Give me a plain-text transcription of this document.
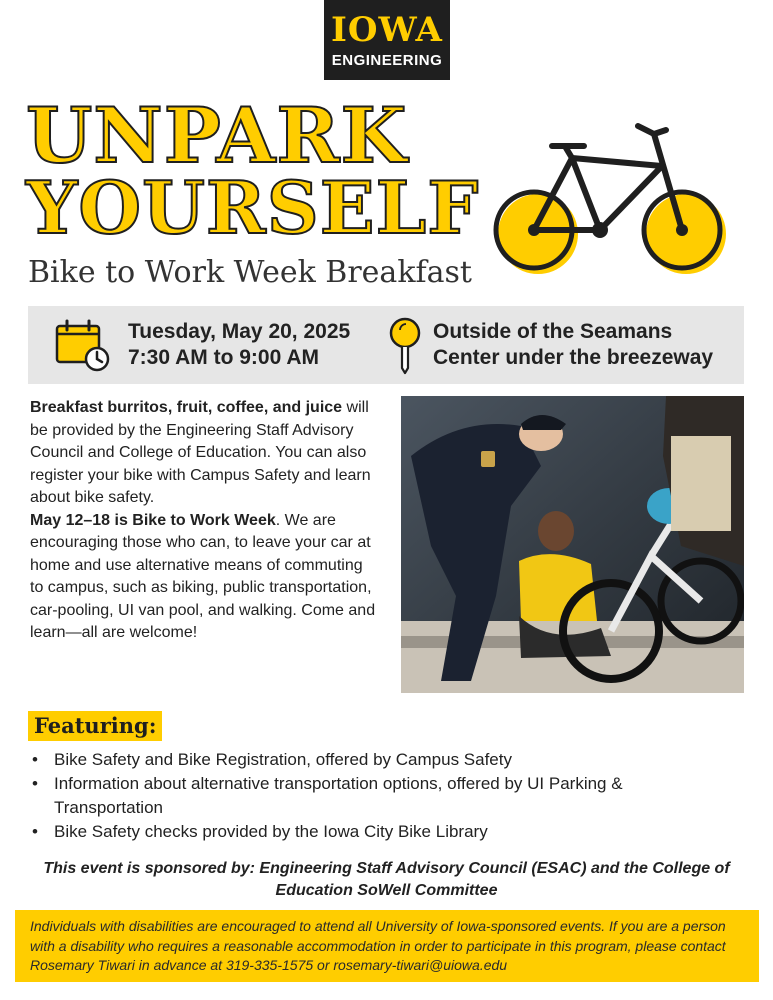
IOWA
ENGINEERING
UNPARK
YOURSELF
Bike to Work Week Breakfast
Tuesday, May 20, 2025
7:30 AM to 9:00 AM
Outside of the Seamans
Center under the breezeway
Breakfast burritos, fruit, coffee, and juice will be provided by the Engineering Staff Advisory Council and College of Education. You can also register your bike with Campus Safety and learn about bike safety.
May 12–18 is Bike to Work Week. We are encouraging those who can, to leave your car at home and use alternative means of commuting to campus, such as biking, public transportation, car-pooling, UI van pool, and walking. Come and learn—all are welcome!
Featuring:
• Bike Safety and Bike Registration, offered by Campus Safety
• Information about alternative transportation options, offered by UI Parking & Transportation
• Bike Safety checks provided by the Iowa City Bike Library
This event is sponsored by: Engineering Staff Advisory Council (ESAC) and the College of Education SoWell Committee
Individuals with disabilities are encouraged to attend all University of Iowa-sponsored events. If you are a person with a disability who requires a reasonable accommodation in order to participate in this program, please contact Rosemary Tiwari in advance at 319-335-1575 or rosemary-tiwari@uiowa.edu
